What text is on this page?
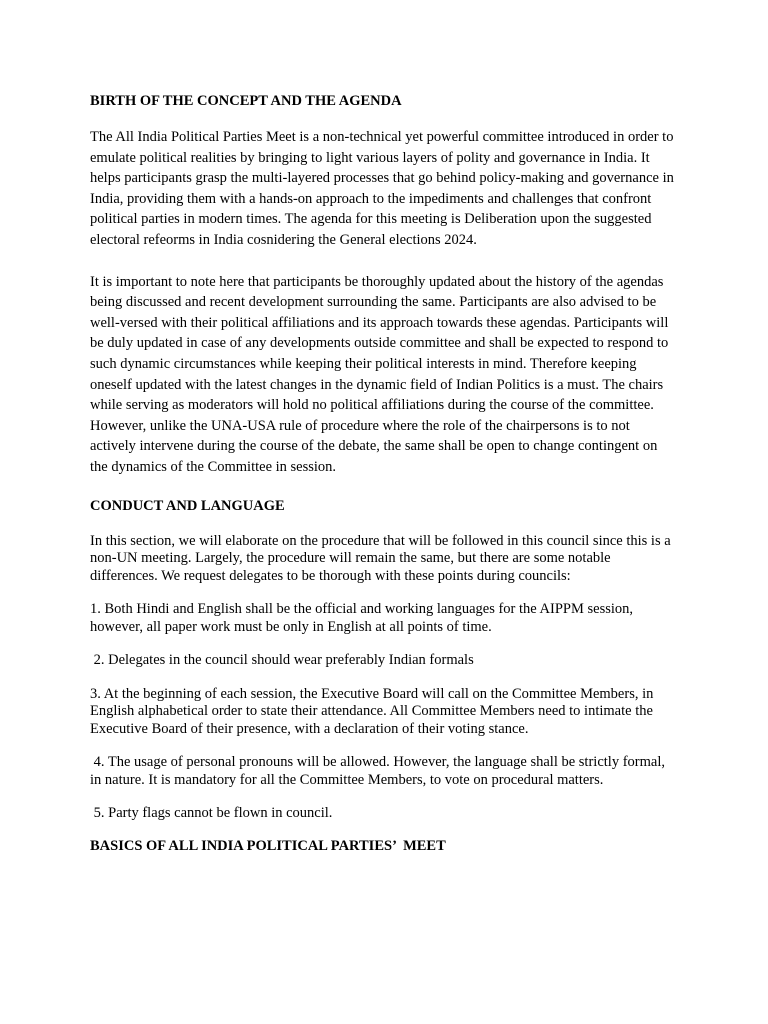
BIRTH OF THE CONCEPT AND THE AGENDA

The All India Political Parties Meet is a non-technical yet powerful committee introduced in order to emulate political realities by bringing to light various layers of polity and governance in India. It helps participants grasp the multi-layered processes that go behind policy-making and governance in India, providing them with a hands-on approach to the impediments and challenges that confront political parties in modern times. The agenda for this meeting is Deliberation upon the suggested electoral refeorms in India cosnidering the General elections 2024.

It is important to note here that participants be thoroughly updated about the history of the agendas being discussed and recent development surrounding the same. Participants are also advised to be well-versed with their political affiliations and its approach towards these agendas. Participants will be duly updated in case of any developments outside committee and shall be expected to respond to such dynamic circumstances while keeping their political interests in mind. Therefore keeping oneself updated with the latest changes in the dynamic field of Indian Politics is a must. The chairs while serving as moderators will hold no political affiliations during the course of the committee. However, unlike the UNA-USA rule of procedure where the role of the chairpersons is to not actively intervene during the course of the debate, the same shall be open to change contingent on the dynamics of the Committee in session.

CONDUCT AND LANGUAGE

In this section, we will elaborate on the procedure that will be followed in this council since this is a non-UN meeting. Largely, the procedure will remain the same, but there are some notable differences. We request delegates to be thorough with these points during councils:

1. Both Hindi and English shall be the official and working languages for the AIPPM session, however, all paper work must be only in English at all points of time.

2. Delegates in the council should wear preferably Indian formals

3. At the beginning of each session, the Executive Board will call on the Committee Members, in English alphabetical order to state their attendance. All Committee Members need to intimate the Executive Board of their presence, with a declaration of their voting stance.

4. The usage of personal pronouns will be allowed. However, the language shall be strictly formal, in nature. It is mandatory for all the Committee Members, to vote on procedural matters.

5. Party flags cannot be flown in council.

BASICS OF ALL INDIA POLITICAL PARTIES’  MEET
